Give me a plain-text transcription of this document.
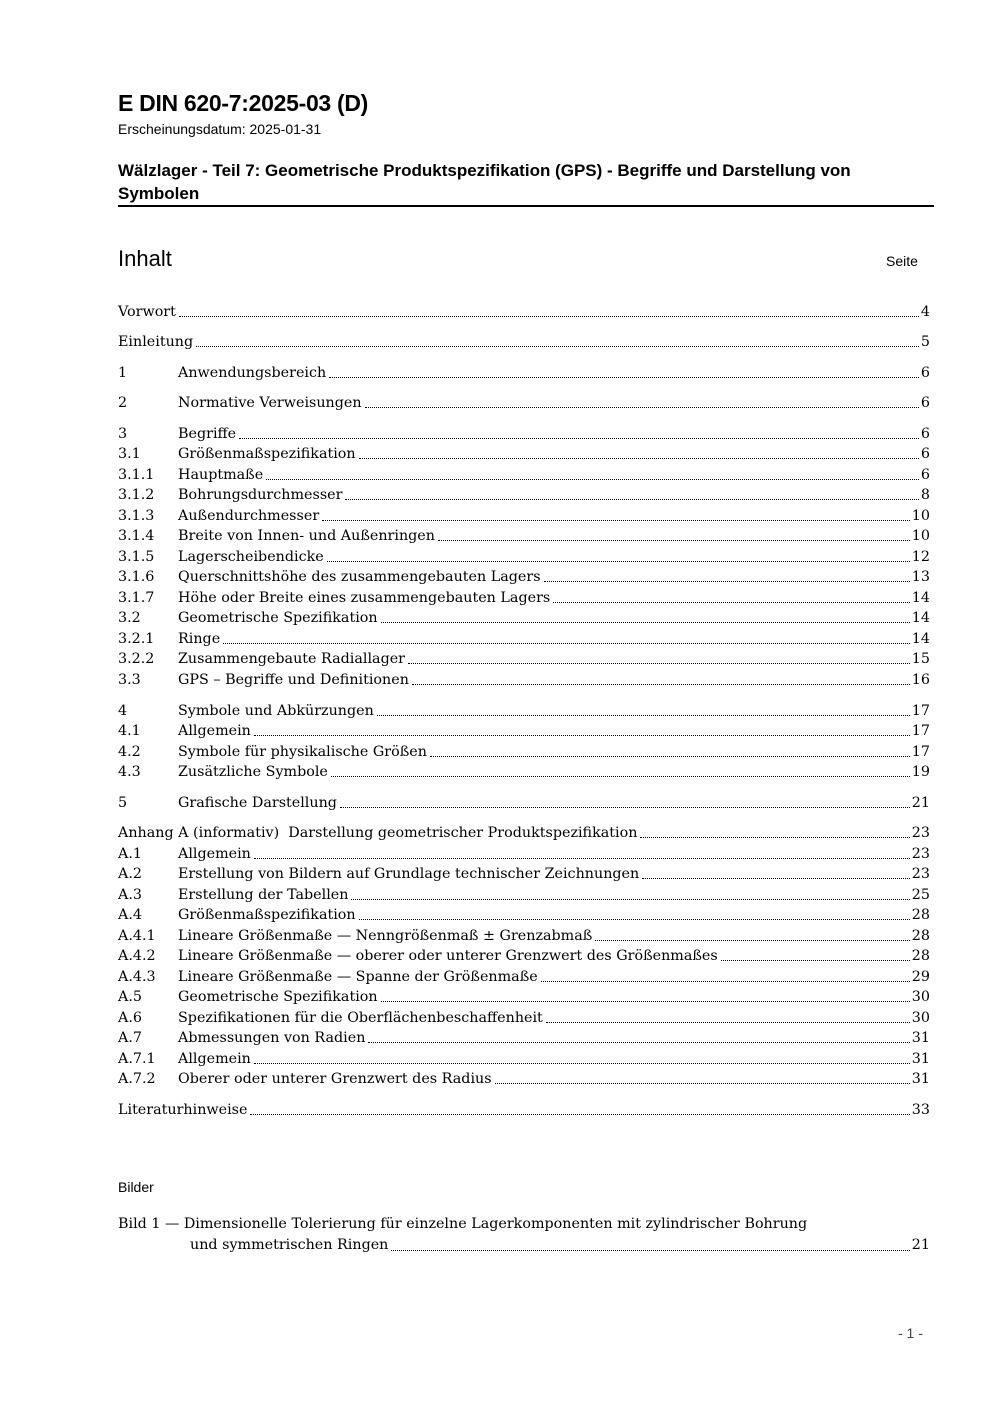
E DIN 620-7:2025-03 (D)
Erscheinungsdatum: 2025-01-31
Wälzlager - Teil 7: Geometrische Produktspezifikation (GPS) - Begriffe und Darstellung von Symbolen
Inhalt	Seite
Vorwort	4
Einleitung	5
1	Anwendungsbereich	6
2	Normative Verweisungen	6
3	Begriffe	6
3.1	Größenmaßspezifikation	6
3.1.1	Hauptmaße	6
3.1.2	Bohrungsdurchmesser	8
3.1.3	Außendurchmesser	10
3.1.4	Breite von Innen- und Außenringen	10
3.1.5	Lagerscheibendicke	12
3.1.6	Querschnittshöhe des zusammengebauten Lagers	13
3.1.7	Höhe oder Breite eines zusammengebauten Lagers	14
3.2	Geometrische Spezifikation	14
3.2.1	Ringe	14
3.2.2	Zusammengebaute Radiallager	15
3.3	GPS – Begriffe und Definitionen	16
4	Symbole und Abkürzungen	17
4.1	Allgemein	17
4.2	Symbole für physikalische Größen	17
4.3	Zusätzliche Symbole	19
5	Grafische Darstellung	21
Anhang A (informativ)  Darstellung geometrischer Produktspezifikation	23
A.1	Allgemein	23
A.2	Erstellung von Bildern auf Grundlage technischer Zeichnungen	23
A.3	Erstellung der Tabellen	25
A.4	Größenmaßspezifikation	28
A.4.1	Lineare Größenmaße — Nenngrößenmaß ± Grenzabmaß	28
A.4.2	Lineare Größenmaße — oberer oder unterer Grenzwert des Größenmaßes	28
A.4.3	Lineare Größenmaße — Spanne der Größenmaße	29
A.5	Geometrische Spezifikation	30
A.6	Spezifikationen für die Oberflächenbeschaffenheit	30
A.7	Abmessungen von Radien	31
A.7.1	Allgemein	31
A.7.2	Oberer oder unterer Grenzwert des Radius	31
Literaturhinweise	33
Bilder
Bild 1 — Dimensionelle Tolerierung für einzelne Lagerkomponenten mit zylindrischer Bohrung
und symmetrischen Ringen	21
- 1 -
